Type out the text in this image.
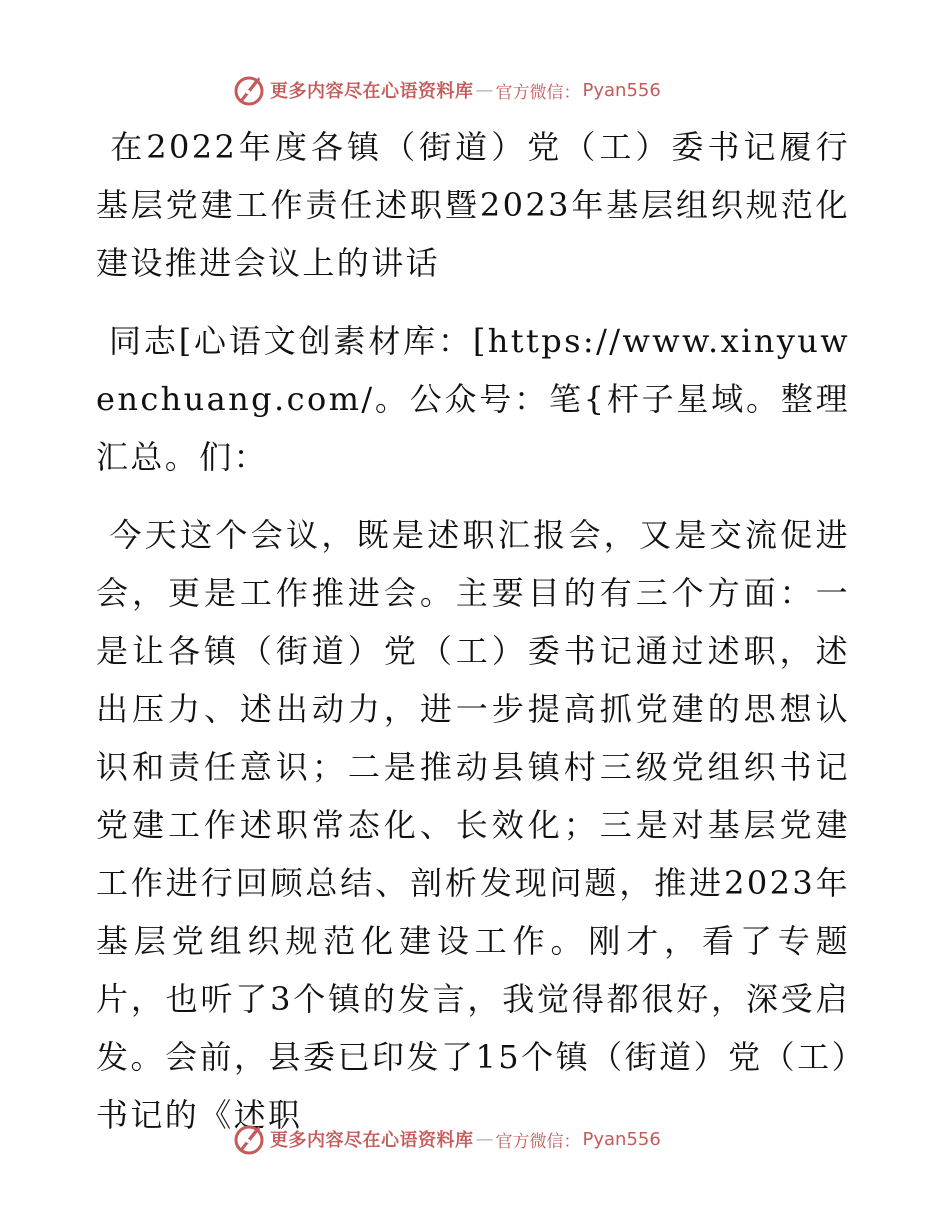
更多内容尽在心语资料库 — 官方微信： Pyan556

在2022年度各镇（街道）党（工）委书记履行基层党建工作责任述职暨2023年基层组织规范化建设推进会议上的讲话

同志[心语文创素材库：[https://www.xinyuwenchuang.com/。公众号：笔{杆子星域。整理汇总。们：

今天这个会议，既是述职汇报会，又是交流促进会，更是工作推进会。主要目的有三个方面：一是让各镇（街道）党（工）委书记通过述职，述出压力、述出动力，进一步提高抓党建的思想认识和责任意识；二是推动县镇村三级党组织书记党建工作述职常态化、长效化；三是对基层党建工作进行回顾总结、剖析发现问题，推进2023年基层党组织规范化建设工作。刚才，看了专题片，也听了3个镇的发言，我觉得都很好，深受启发。会前，县委已印发了15个镇（街道）党（工）书记的《述职

更多内容尽在心语资料库 — 官方微信： Pyan556
